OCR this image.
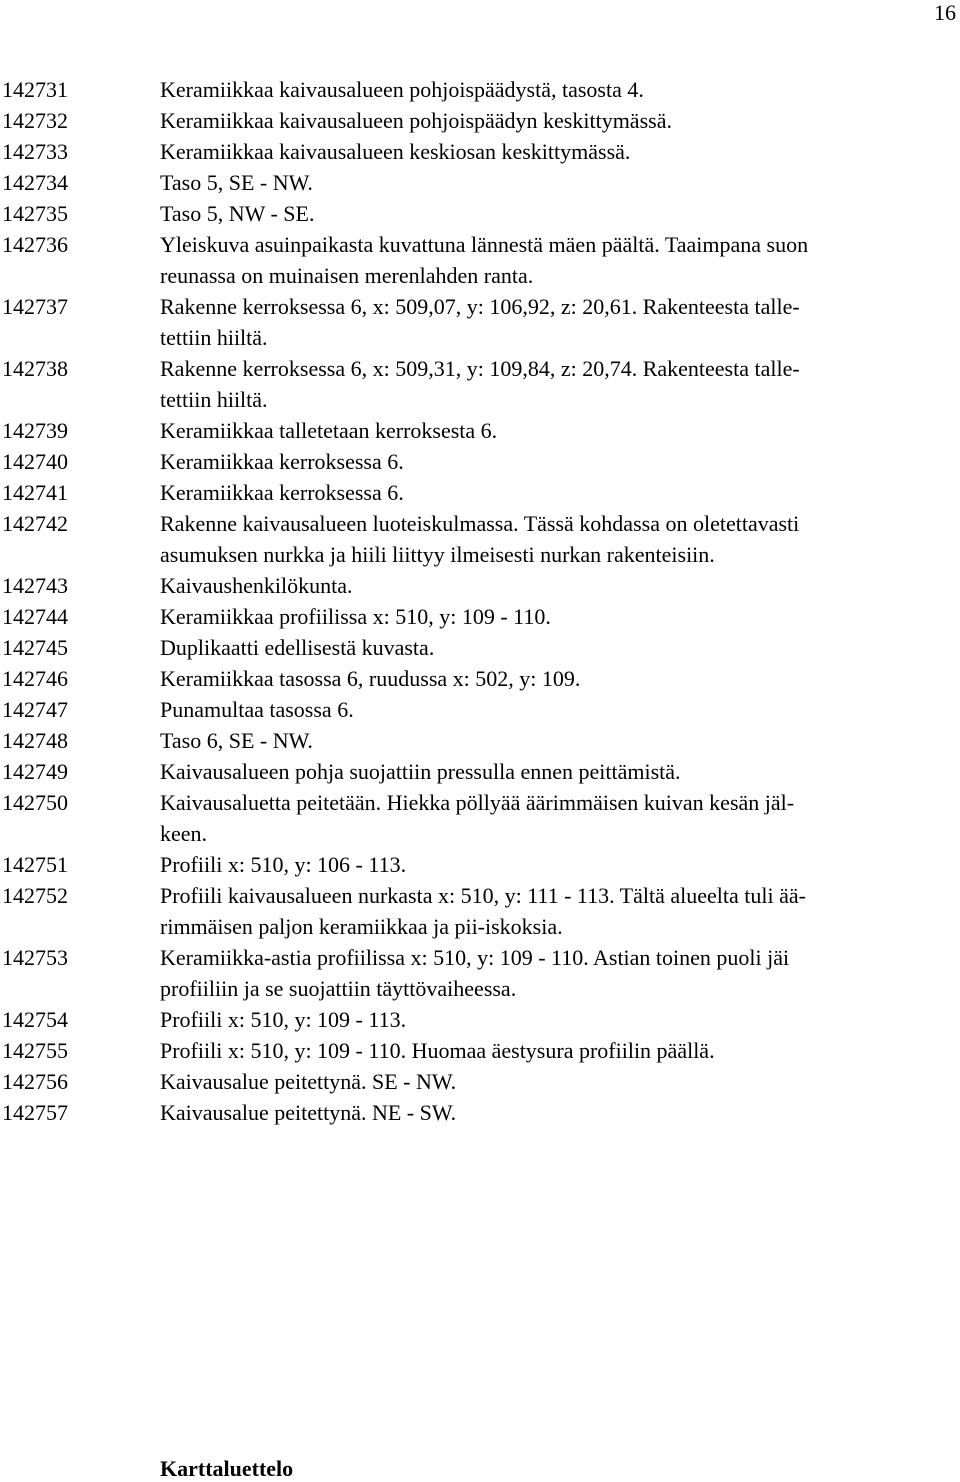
16
142731	Keramiikkaa kaivausalueen pohjoispäädystä, tasosta 4.
142732	Keramiikkaa kaivausalueen pohjoispäädyn keskittymässä.
142733	Keramiikkaa kaivausalueen keskiosan keskittymässä.
142734	Taso 5, SE - NW.
142735	Taso 5, NW - SE.
142736	Yleiskuva asuinpaikasta kuvattuna lännestä mäen päältä. Taaimpana suon
reunassa on muinaisen merenlahden ranta.
142737	Rakenne kerroksessa 6, x: 509,07, y: 106,92, z: 20,61. Rakenteesta talle-
tettiin hiiltä.
142738	Rakenne kerroksessa 6, x: 509,31, y: 109,84, z: 20,74. Rakenteesta talle-
tettiin hiiltä.
142739	Keramiikkaa talletetaan kerroksesta 6.
142740	Keramiikkaa kerroksessa 6.
142741	Keramiikkaa kerroksessa 6.
142742	Rakenne kaivausalueen luoteiskulmassa. Tässä kohdassa on oletettavasti
asumuksen nurkka ja hiili liittyy ilmeisesti nurkan rakenteisiin.
142743	Kaivaushenkilökunta.
142744	Keramiikkaa profiilissa x: 510, y: 109 - 110.
142745	Duplikaatti edellisestä kuvasta.
142746	Keramiikkaa tasossa 6, ruudussa x: 502, y: 109.
142747	Punamultaa tasossa 6.
142748	Taso 6, SE - NW.
142749	Kaivausalueen pohja suojattiin pressulla ennen peittämistä.
142750	Kaivausaluetta peitetään. Hiekka pöllyää äärimmäisen kuivan kesän jäl-
keen.
142751	Profiili x: 510, y: 106 - 113.
142752	Profiili kaivausalueen nurkasta x: 510, y: 111 - 113. Tältä alueelta tuli ää-
rimmäisen paljon keramiikkaa ja pii-iskoksia.
142753	Keramiikka-astia profiilissa x: 510, y: 109 - 110. Astian toinen puoli jäi
profiiliin ja se suojattiin täyttövaiheessa.
142754	Profiili x: 510, y: 109 - 113.
142755	Profiili x: 510, y: 109 - 110. Huomaa äestysura profiilin päällä.
142756	Kaivausalue peitettynä. SE - NW.
142757	Kaivausalue peitettynä. NE - SW.
Karttaluettelo
